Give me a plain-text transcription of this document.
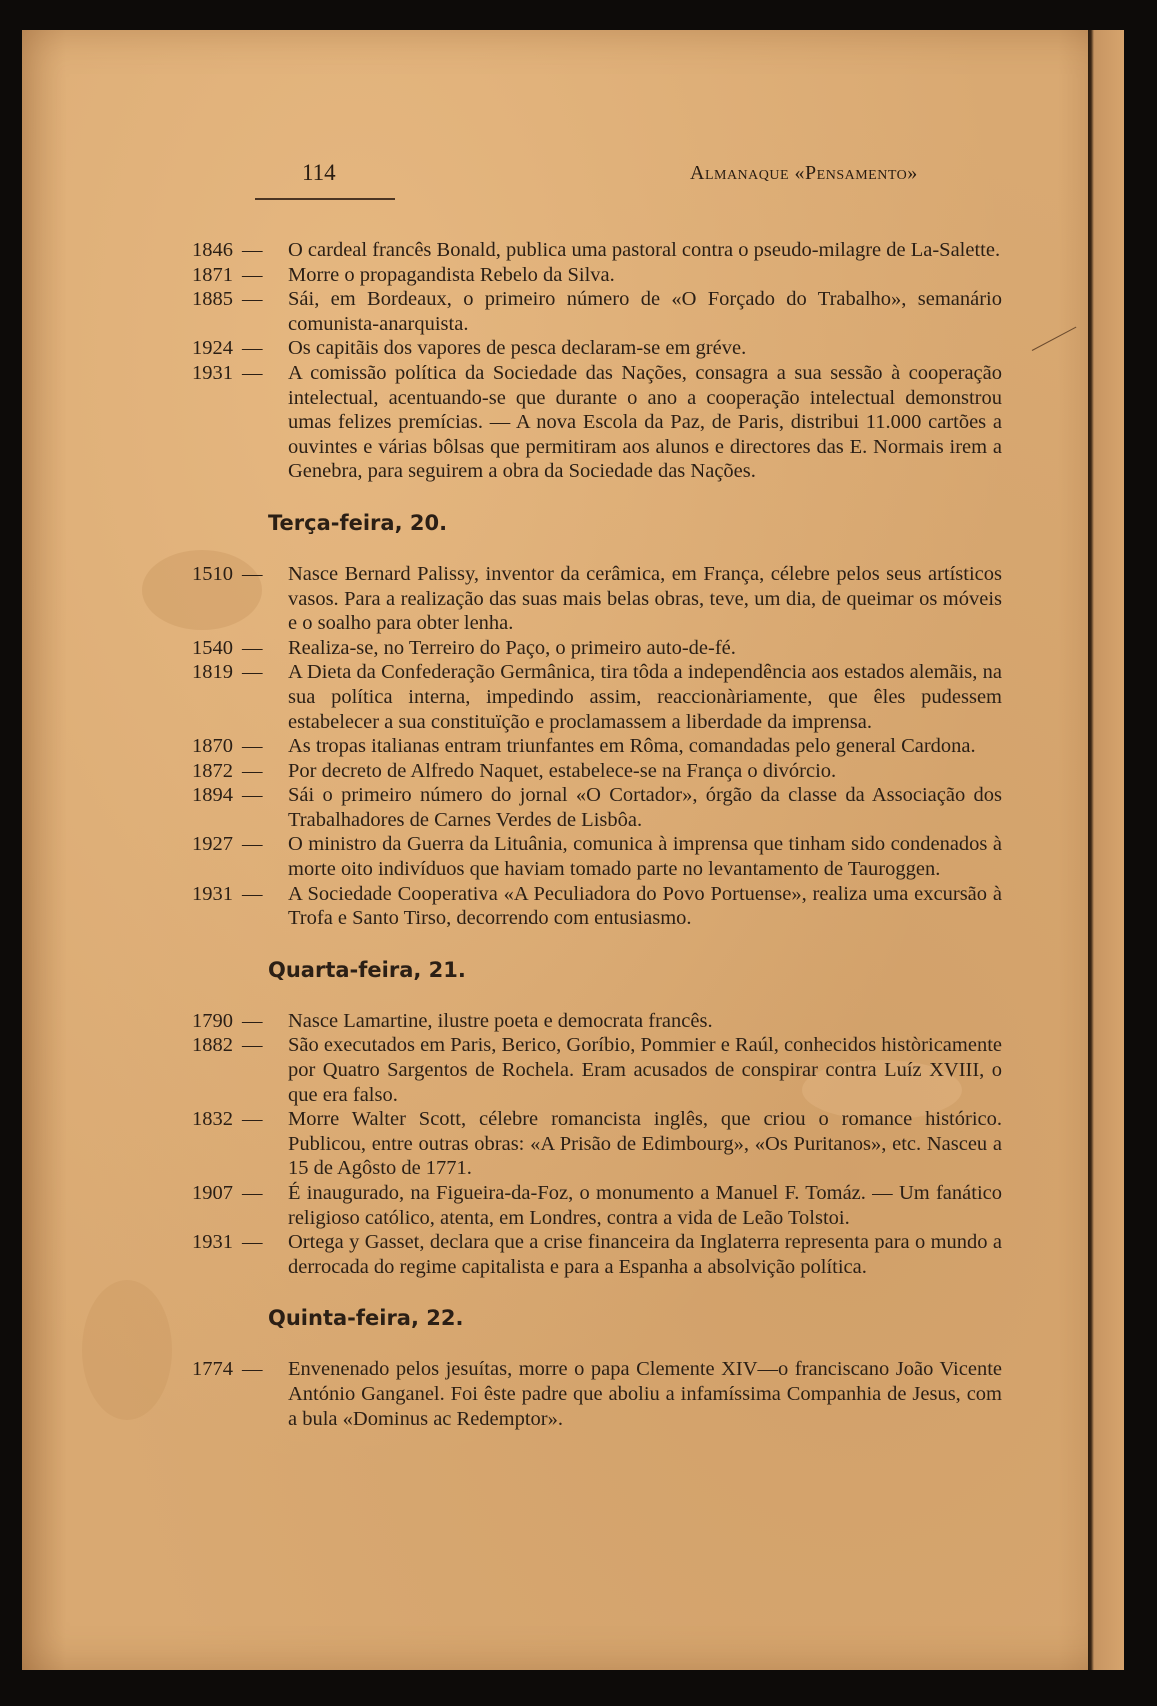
114	Almanaque «Pensamento»
1846 — O cardeal francês Bonald, publica uma pastoral contra o pseudo-milagre de La-Salette.
1871 — Morre o propagandista Rebelo da Silva.
1885 — Sái, em Bordeaux, o primeiro número de «O Forçado do Trabalho», semanário comunista-anarquista.
1924 — Os capitãis dos vapores de pesca declaram-se em gréve.
1931 — A comissão política da Sociedade das Nações, consagra a sua sessão à cooperação intelectual, acentuando-se que durante o ano a cooperação intelectual demonstrou umas felizes premícias. — A nova Escola da Paz, de Paris, distribui 11.000 cartões a ouvintes e várias bôlsas que permitiram aos alunos e directores das E. Normais irem a Genebra, para seguirem a obra da Sociedade das Nações.
Terça-feira, 20.
1510 — Nasce Bernard Palissy, inventor da cerâmica, em França, célebre pelos seus artísticos vasos. Para a realização das suas mais belas obras, teve, um dia, de queimar os móveis e o soalho para obter lenha.
1540 — Realiza-se, no Terreiro do Paço, o primeiro auto-de-fé.
1819 — A Dieta da Confederação Germânica, tira tôda a independência aos estados alemãis, na sua política interna, impedindo assim, reaccionàriamente, que êles pudessem estabelecer a sua constituïção e proclamassem a liberdade da imprensa.
1870 — As tropas italianas entram triunfantes em Rôma, comandadas pelo general Cardona.
1872 — Por decreto de Alfredo Naquet, estabelece-se na França o divórcio.
1894 — Sái o primeiro número do jornal «O Cortador», órgão da classe da Associação dos Trabalhadores de Carnes Verdes de Lisbôa.
1927 — O ministro da Guerra da Lituânia, comunica à imprensa que tinham sido condenados à morte oito indivíduos que haviam tomado parte no levantamento de Tauroggen.
1931 — A Sociedade Cooperativa «A Peculiadora do Povo Portuense», realiza uma excursão à Trofa e Santo Tirso, decorrendo com entusiasmo.
Quarta-feira, 21.
1790 — Nasce Lamartine, ilustre poeta e democrata francês.
1882 — São executados em Paris, Berico, Goríbio, Pommier e Raúl, conhecidos històricamente por Quatro Sargentos de Rochela. Eram acusados de conspirar contra Luíz XVIII, o que era falso.
1832 — Morre Walter Scott, célebre romancista inglês, que criou o romance histórico. Publicou, entre outras obras: «A Prisão de Edimbourg», «Os Puritanos», etc. Nasceu a 15 de Agôsto de 1771.
1907 — É inaugurado, na Figueira-da-Foz, o monumento a Manuel F. Tomáz. — Um fanático religioso católico, atenta, em Londres, contra a vida de Leão Tolstoi.
1931 — Ortega y Gasset, declara que a crise financeira da Inglaterra representa para o mundo a derrocada do regime capitalista e para a Espanha a absolvição política.
Quinta-feira, 22.
1774 — Envenenado pelos jesuítas, morre o papa Clemente XIV—o franciscano João Vicente António Ganganel. Foi êste padre que aboliu a infamíssima Companhia de Jesus, com a bula «Dominus ac Redemptor».
